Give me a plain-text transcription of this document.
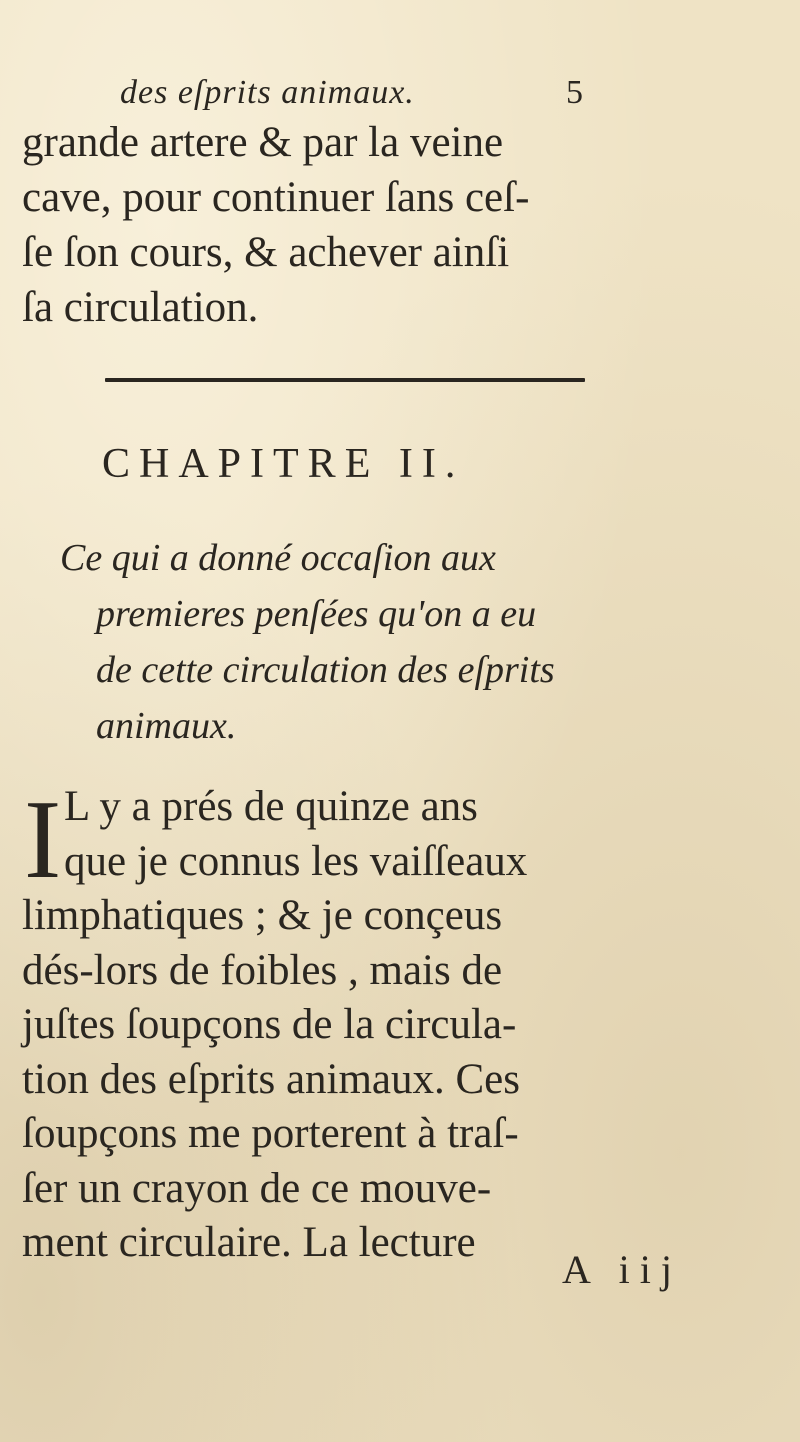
des eſprits animaux.	5
grande artere & par la veine
cave, pour continuer ſans ceſ-
ſe ſon cours, & achever ainſi
ſa circulation.
CHAPITRE II.
Ce qui a donné occaſion aux
premieres penſées qu'on a eu
de cette circulation des eſprits
animaux.
I L y a prés de quinze ans
que je connus les vaiſſeaux
limphatiques ; & je conçeus
dés-lors de foibles , mais de
juſtes ſoupçons de la circula-
tion des eſprits animaux. Ces
ſoupçons me porterent à traſ-
ſer un crayon de ce mouve-
ment circulaire. La lecture
A iij
